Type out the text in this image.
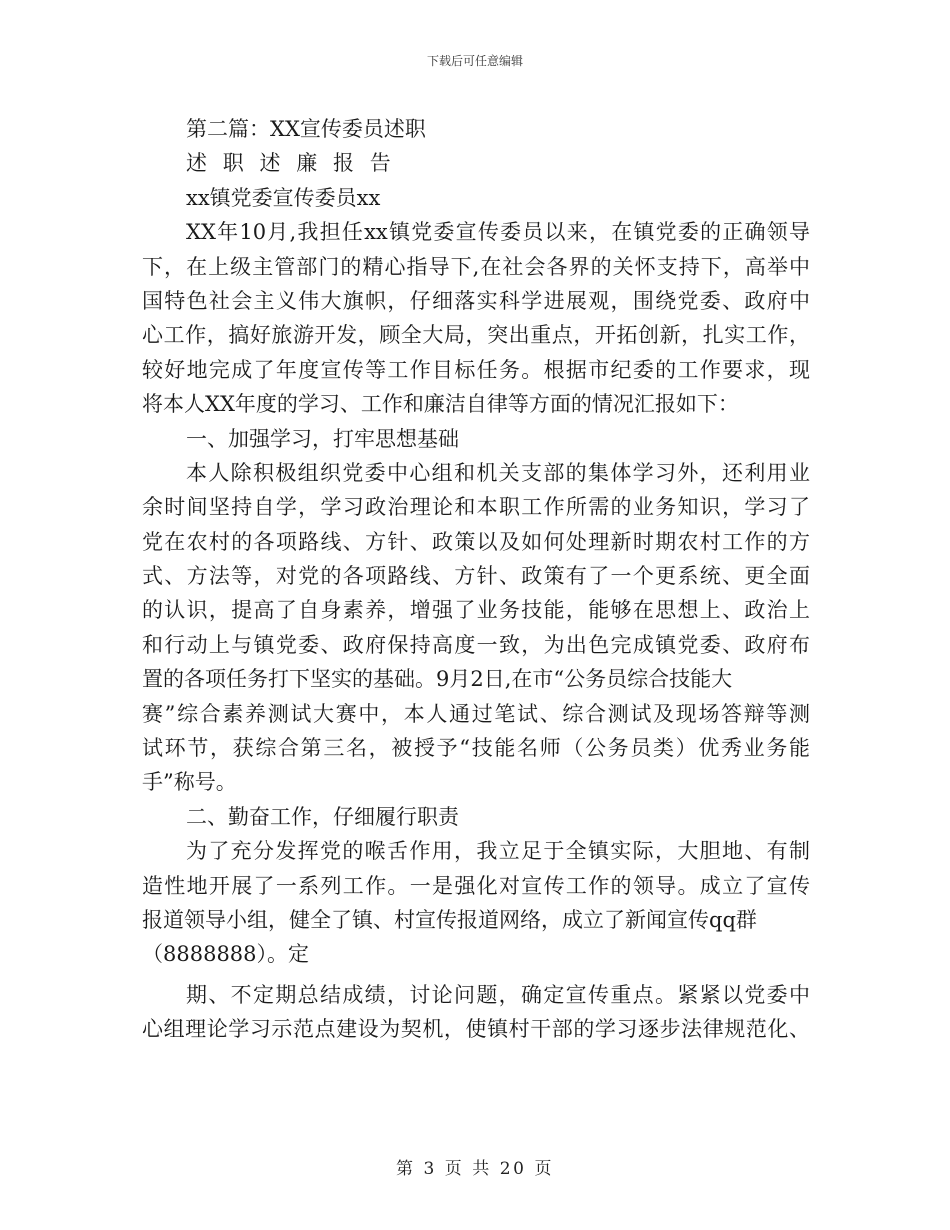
下载后可任意编辑
第二篇：XX宣传委员述职
述职述廉报告
xx镇党委宣传委员xx
XX年10月,我担任xx镇党委宣传委员以来，在镇党委的正确领导
下，在上级主管部门的精心指导下,在社会各界的关怀支持下，高举中
国特色社会主义伟大旗帜，仔细落实科学进展观，围绕党委、政府中
心工作，搞好旅游开发，顾全大局，突出重点，开拓创新，扎实工作，
较好地完成了年度宣传等工作目标任务。根据市纪委的工作要求，现
将本人XX年度的学习、工作和廉洁自律等方面的情况汇报如下：
一、加强学习，打牢思想基础
本人除积极组织党委中心组和机关支部的集体学习外，还利用业
余时间坚持自学，学习政治理论和本职工作所需的业务知识，学习了
党在农村的各项路线、方针、政策以及如何处理新时期农村工作的方
式、方法等，对党的各项路线、方针、政策有了一个更系统、更全面
的认识，提高了自身素养，增强了业务技能，能够在思想上、政治上
和行动上与镇党委、政府保持高度一致，为出色完成镇党委、政府布
置的各项任务打下坚实的基础。9月2日,在市“公务员综合技能大
赛”综合素养测试大赛中，本人通过笔试、综合测试及现场答辩等测
试环节，获综合第三名，被授予“技能名师（公务员类）优秀业务能
手”称号。
二、勤奋工作，仔细履行职责
为了充分发挥党的喉舌作用，我立足于全镇实际，大胆地、有制
造性地开展了一系列工作。一是强化对宣传工作的领导。成立了宣传
报道领导小组，健全了镇、村宣传报道网络，成立了新闻宣传qq群
（8888888）。定
期、不定期总结成绩，讨论问题，确定宣传重点。紧紧以党委中
心组理论学习示范点建设为契机，使镇村干部的学习逐步法律规范化、
第 3 页 共 20 页
